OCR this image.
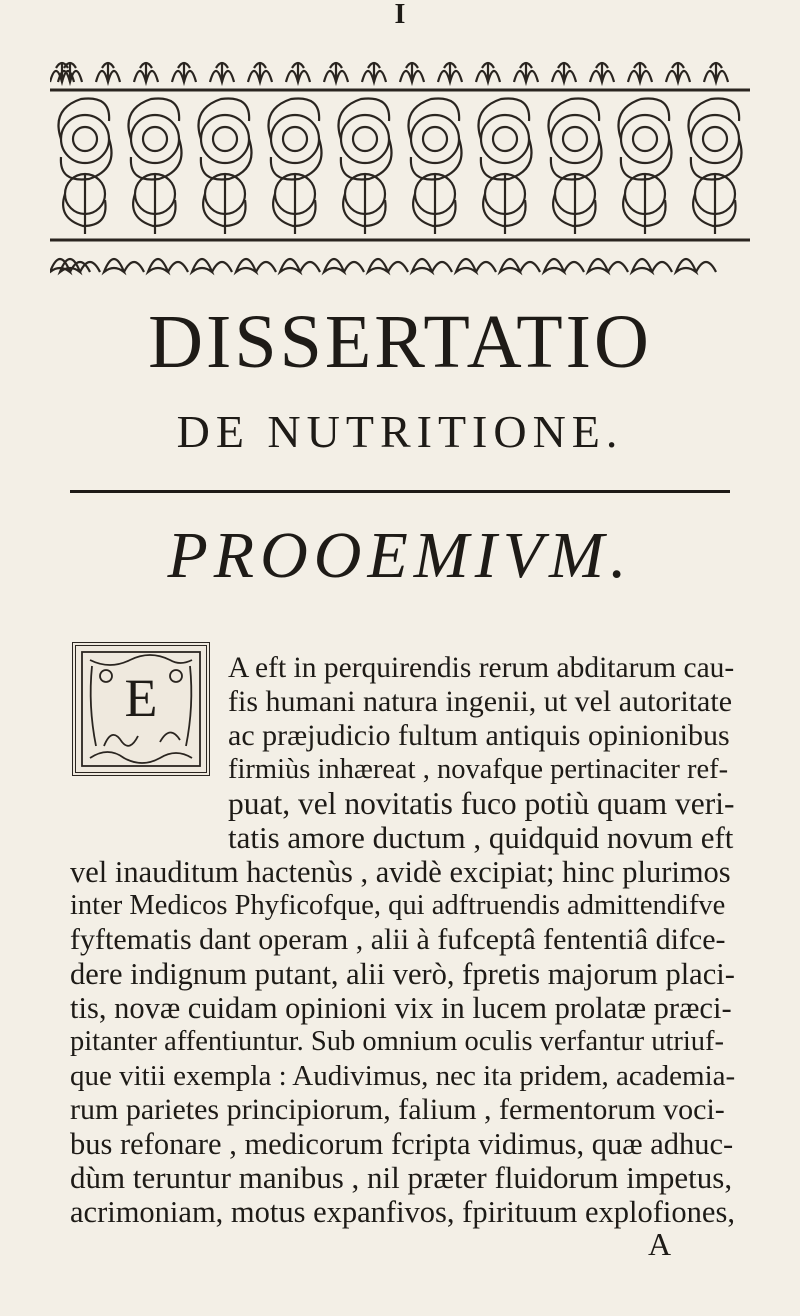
I
DISSERTATIO
DE NUTRITIONE.
PROOEMIVM.
E	A eft in perquirendis rerum abditarum cau-
fis humani natura ingenii, ut vel autoritate
ac præjudicio fultum antiquis opinionibus
firmiùs inhæreat , novafque pertinaciter ref-
puat, vel novitatis fuco potiù quam veri-
tatis amore ductum , quidquid novum eft
vel inauditum hactenùs , avidè excipiat; hinc plurimos
inter Medicos Phyficofque, qui adftruendis admittendifve
fyftematis dant operam , alii à fufceptâ fententiâ difce-
dere indignum putant, alii verò, fpretis majorum placi-
tis, novæ cuidam opinioni vix in lucem prolatæ præci-
pitanter affentiuntur. Sub omnium oculis verfantur utriuf-
que vitii exempla : Audivimus, nec ita pridem, academia-
rum parietes principiorum, falium , fermentorum voci-
bus refonare , medicorum fcripta vidimus, quæ adhuc-
dùm teruntur manibus , nil præter fluidorum impetus,
acrimoniam, motus expanfivos, fpirituum explofiones,
A
